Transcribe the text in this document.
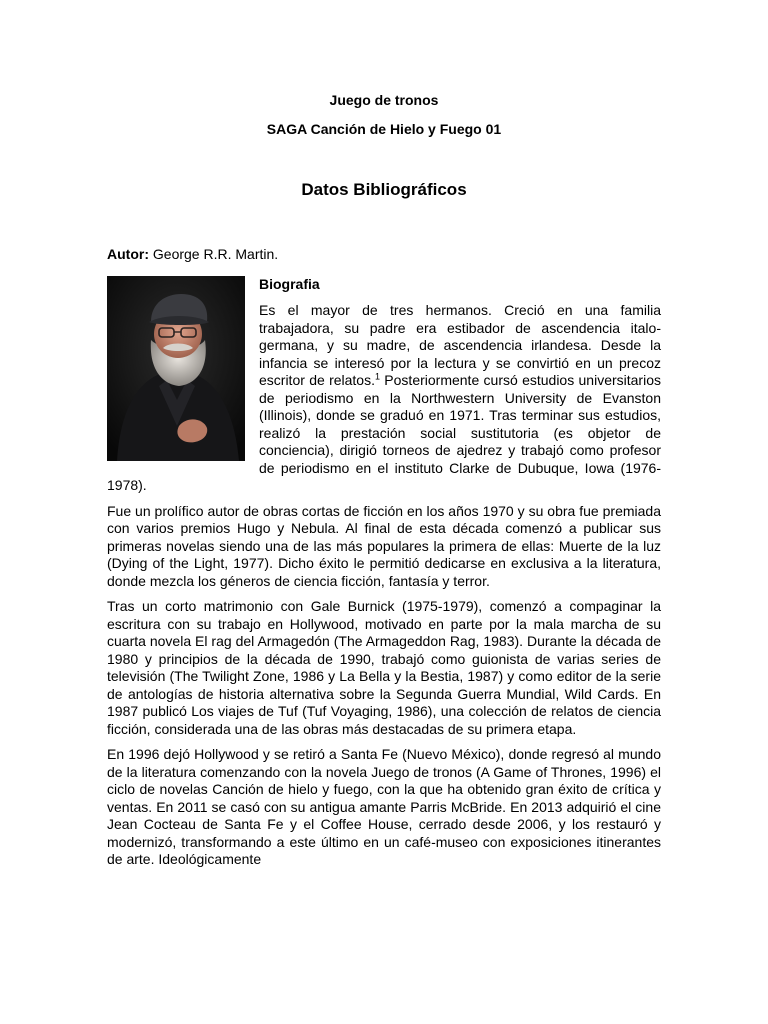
Juego de tronos

SAGA Canción de Hielo y Fuego 01

Datos Bibliográficos

Autor: George R.R. Martin.

Biografia

Es el mayor de tres hermanos. Creció en una familia trabajadora, su padre era estibador de ascendencia italo-germana, y su madre, de ascendencia irlandesa. Desde la infancia se interesó por la lectura y se convirtió en un precoz escritor de relatos.$^1$ Posteriormente cursó estudios universitarios de periodismo en la Northwestern University de Evanston (Illinois), donde se graduó en 1971. Tras terminar sus estudios, realizó la prestación social sustitutoria (es objetor de conciencia), dirigió torneos de ajedrez y trabajó como profesor de periodismo en el instituto Clarke de Dubuque, Iowa (1976-1978).

Fue un prolífico autor de obras cortas de ficción en los años 1970 y su obra fue premiada con varios premios Hugo y Nebula. Al final de esta década comenzó a publicar sus primeras novelas siendo una de las más populares la primera de ellas: Muerte de la luz (Dying of the Light, 1977). Dicho éxito le permitió dedicarse en exclusiva a la literatura, donde mezcla los géneros de ciencia ficción, fantasía y terror.

Tras un corto matrimonio con Gale Burnick (1975-1979), comenzó a compaginar la escritura con su trabajo en Hollywood, motivado en parte por la mala marcha de su cuarta novela El rag del Armagedón (The Armageddon Rag, 1983). Durante la década de 1980 y principios de la década de 1990, trabajó como guionista de varias series de televisión (The Twilight Zone, 1986 y La Bella y la Bestia, 1987) y como editor de la serie de antologías de historia alternativa sobre la Segunda Guerra Mundial, Wild Cards. En 1987 publicó Los viajes de Tuf (Tuf Voyaging, 1986), una colección de relatos de ciencia ficción, considerada una de las obras más destacadas de su primera etapa.

En 1996 dejó Hollywood y se retiró a Santa Fe (Nuevo México), donde regresó al mundo de la literatura comenzando con la novela Juego de tronos (A Game of Thrones, 1996) el ciclo de novelas Canción de hielo y fuego, con la que ha obtenido gran éxito de crítica y ventas. En 2011 se casó con su antigua amante Parris McBride. En 2013 adquirió el cine Jean Cocteau de Santa Fe y el Coffee House, cerrado desde 2006, y los restauró y modernizó, transformando a este último en un café-museo con exposiciones itinerantes de arte. Ideológicamente
